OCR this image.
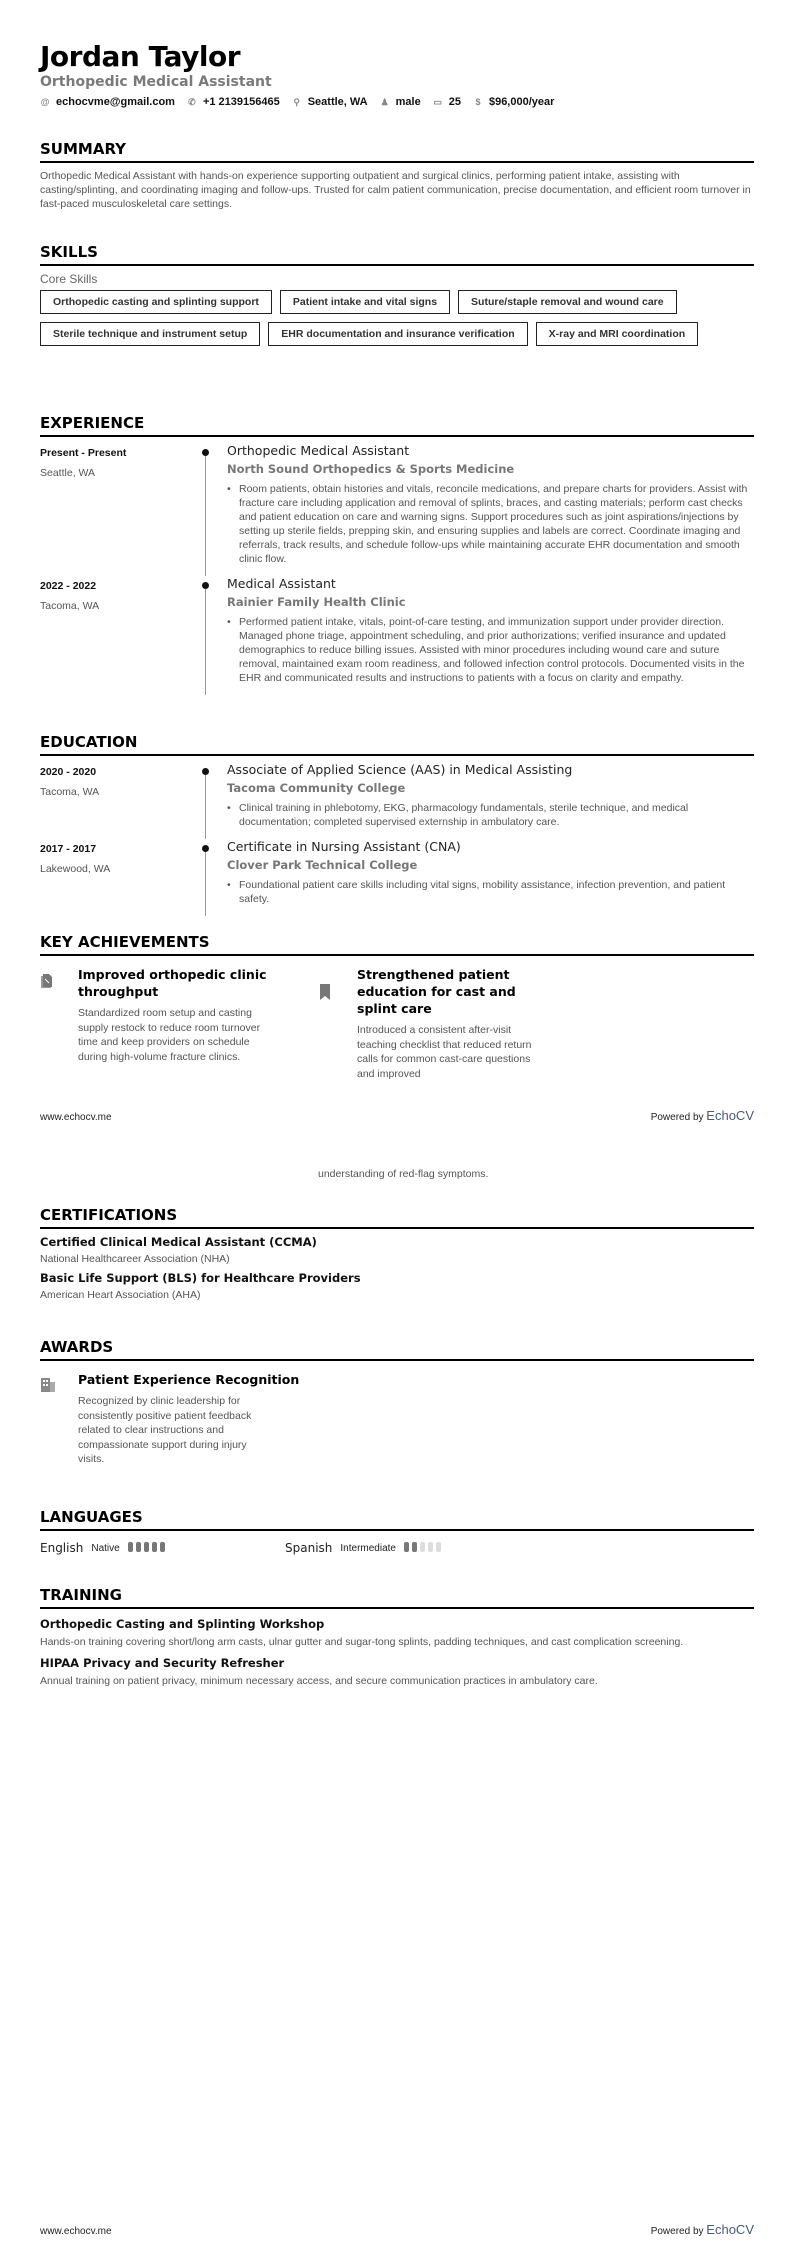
Jordan Taylor
Orthopedic Medical Assistant
@ echocvme@gmail.com ✆ +1 2139156465 ⚲ Seattle, WA ♟ male ▭ 25 $ $96,000/year
SUMMARY
Orthopedic Medical Assistant with hands-on experience supporting outpatient and surgical clinics, performing patient intake, assisting with casting/splinting, and coordinating imaging and follow-ups. Trusted for calm patient communication, precise documentation, and efficient room turnover in fast-paced musculoskeletal care settings.
SKILLS
Core Skills
Orthopedic casting and splinting support	Patient intake and vital signs	Suture/staple removal and wound care
Sterile technique and instrument setup	EHR documentation and insurance verification	X-ray and MRI coordination
EXPERIENCE
Present - Present
Seattle, WA
Orthopedic Medical Assistant
North Sound Orthopedics & Sports Medicine
• Room patients, obtain histories and vitals, reconcile medications, and prepare charts for providers. Assist with fracture care including application and removal of splints, braces, and casting materials; perform cast checks and patient education on care and warning signs. Support procedures such as joint aspirations/injections by setting up sterile fields, prepping skin, and ensuring supplies and labels are correct. Coordinate imaging and referrals, track results, and schedule follow-ups while maintaining accurate EHR documentation and smooth clinic flow.
2022 - 2022
Tacoma, WA
Medical Assistant
Rainier Family Health Clinic
• Performed patient intake, vitals, point-of-care testing, and immunization support under provider direction. Managed phone triage, appointment scheduling, and prior authorizations; verified insurance and updated demographics to reduce billing issues. Assisted with minor procedures including wound care and suture removal, maintained exam room readiness, and followed infection control protocols. Documented visits in the EHR and communicated results and instructions to patients with a focus on clarity and empathy.
EDUCATION
2020 - 2020
Tacoma, WA
Associate of Applied Science (AAS) in Medical Assisting
Tacoma Community College
• Clinical training in phlebotomy, EKG, pharmacology fundamentals, sterile technique, and medical documentation; completed supervised externship in ambulatory care.
2017 - 2017
Lakewood, WA
Certificate in Nursing Assistant (CNA)
Clover Park Technical College
• Foundational patient care skills including vital signs, mobility assistance, infection prevention, and patient safety.
KEY ACHIEVEMENTS
Improved orthopedic clinic throughput
Standardized room setup and casting supply restock to reduce room turnover time and keep providers on schedule during high-volume fracture clinics.
Strengthened patient education for cast and splint care
Introduced a consistent after-visit teaching checklist that reduced return calls for common cast-care questions and improved
www.echocv.me	Powered by EchoCV
understanding of red-flag symptoms.
CERTIFICATIONS
Certified Clinical Medical Assistant (CCMA)
National Healthcareer Association (NHA)
Basic Life Support (BLS) for Healthcare Providers
American Heart Association (AHA)
AWARDS
Patient Experience Recognition
Recognized by clinic leadership for consistently positive patient feedback related to clear instructions and compassionate support during injury visits.
LANGUAGES
English Native	Spanish Intermediate
TRAINING
Orthopedic Casting and Splinting Workshop
Hands-on training covering short/long arm casts, ulnar gutter and sugar-tong splints, padding techniques, and cast complication screening.
HIPAA Privacy and Security Refresher
Annual training on patient privacy, minimum necessary access, and secure communication practices in ambulatory care.
www.echocv.me	Powered by EchoCV
